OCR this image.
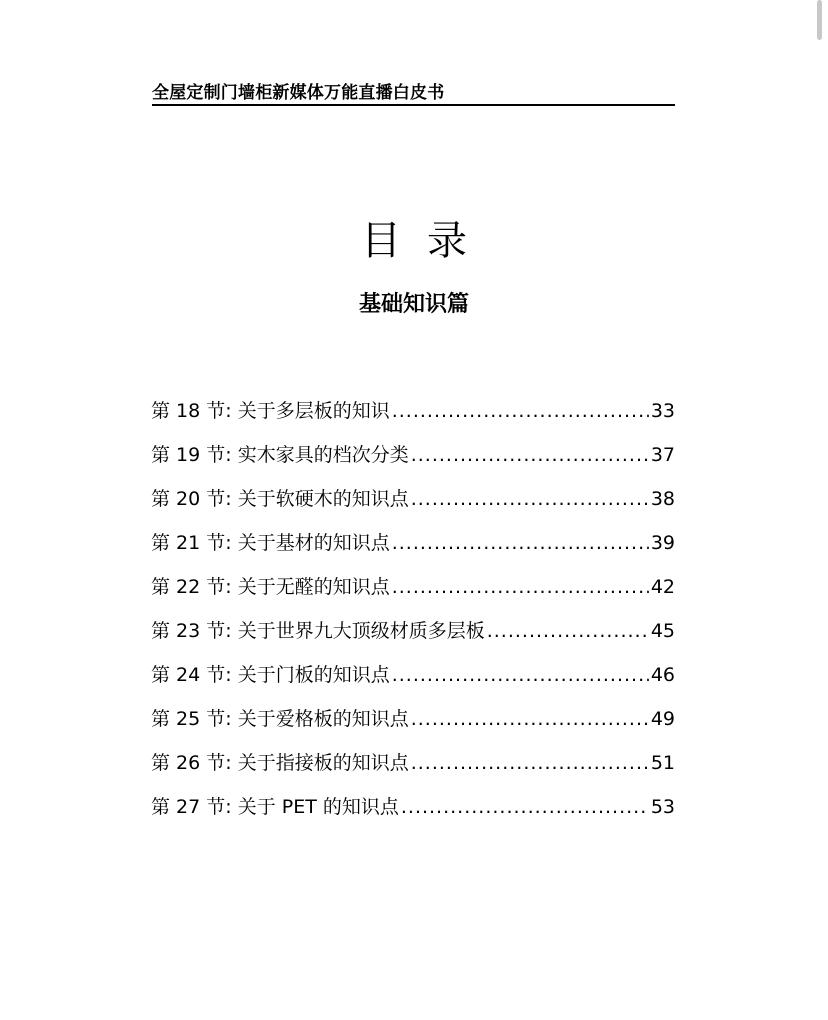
全屋定制门墙柜新媒体万能直播白皮书
目录
基础知识篇
第 18 节: 关于多层板的知识 .....	33
第 19 节: 实木家具的档次分类 .....	37
第 20 节: 关于软硬木的知识点 .....	38
第 21 节: 关于基材的知识点 .....	39
第 22 节: 关于无醛的知识点 .....	42
第 23 节: 关于世界九大顶级材质多层板 .....	45
第 24 节: 关于门板的知识点 .....	46
第 25 节: 关于爱格板的知识点 .....	49
第 26 节: 关于指接板的知识点 .....	51
第 27 节: 关于 PET 的知识点 .....	53
